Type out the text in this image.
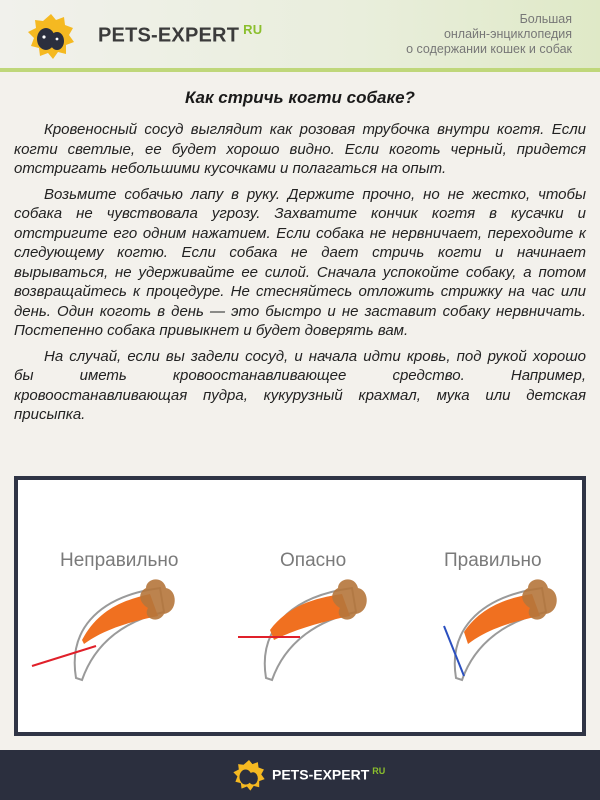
PETS-EXPERT $^{RU}$
Большая
онлайн-энциклопедия
о содержании кошек и собак
Как стричь когти собаке?

Кровеносный сосуд выглядит как розовая трубочка внутри когтя. Если когти светлые, ее будет хорошо видно. Если коготь черный, придется отстригать небольшими кусочками и полагаться на опыт.

Возьмите собачью лапу в руку. Держите прочно, но не жестко, чтобы собака не чувствовала угрозу. Захватите кончик когтя в кусачки и отстригите его одним нажатием. Если собака не нервничает, переходите к следующему когтю. Если собака не дает стричь когти и начинает вырываться, не удерживайте ее силой. Сначала успокойте собаку, а потом возвращайтесь к процедуре. Не стесняйтесь отложить стрижку на час или день. Один коготь в день — это быстро и не заставит собаку нервничать. Постепенно собака привыкнет и будет доверять вам.

На случай, если вы задели сосуд, и начала идти кровь, под рукой хорошо бы иметь кровоостанавливающее средство. Например, кровоостанавливающая пудра, кукурузный крахмал, мука или детская присыпка.

Неправильно	Опасно	Правильно
PETS-EXPERT $^{RU}$
